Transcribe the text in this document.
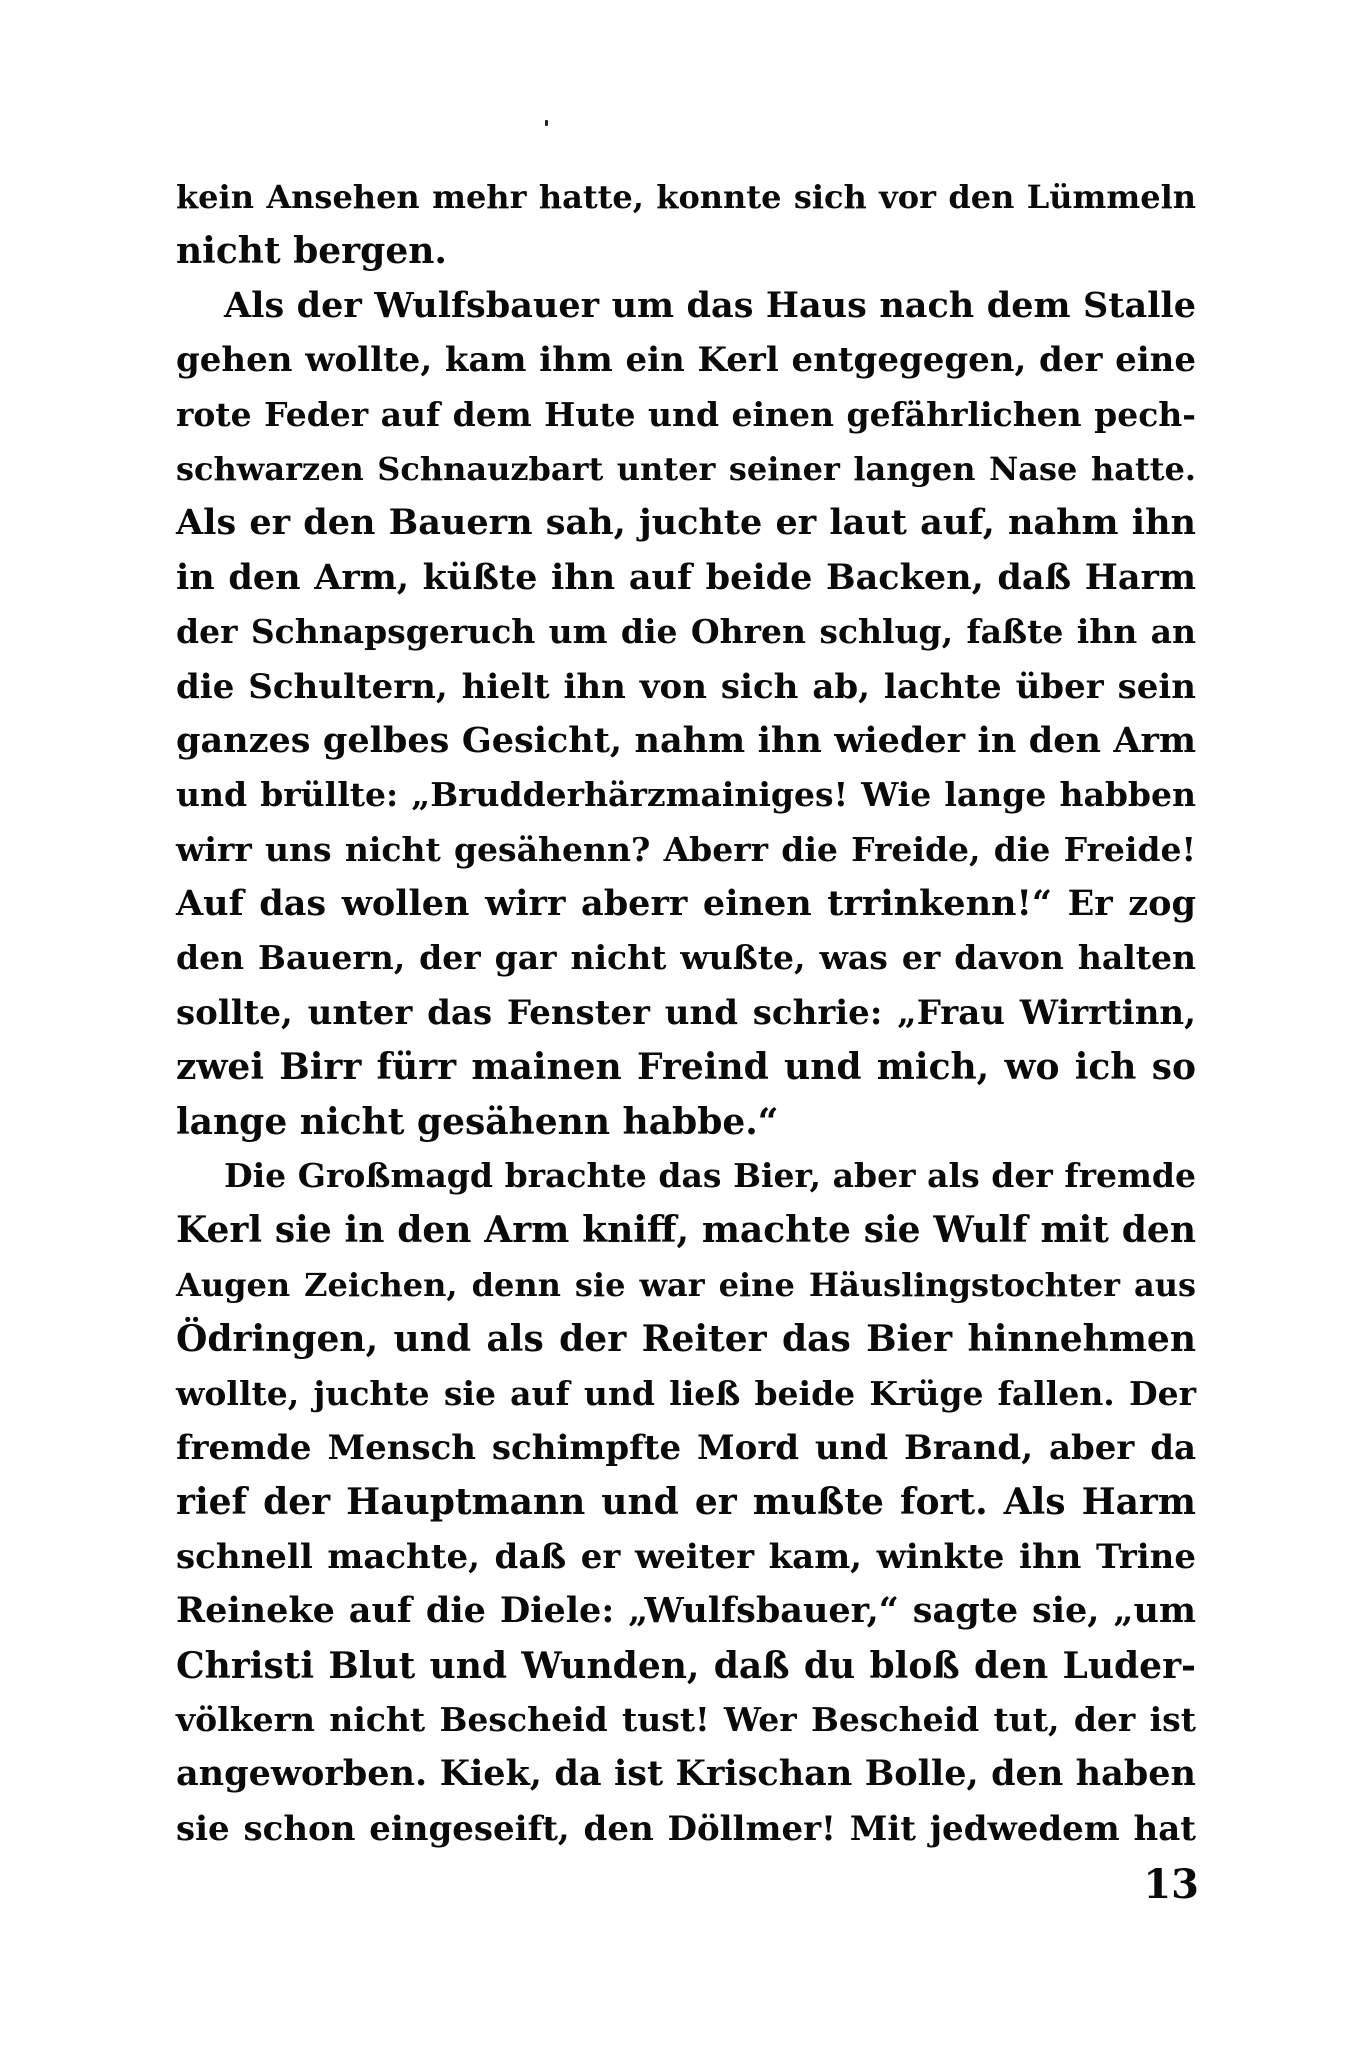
kein Ansehen mehr hatte, konnte sich vor den Lümmeln
nicht bergen.
Als der Wulfsbauer um das Haus nach dem Stalle
gehen wollte, kam ihm ein Kerl entgegegen, der eine
rote Feder auf dem Hute und einen gefährlichen pech-
schwarzen Schnauzbart unter seiner langen Nase hatte.
Als er den Bauern sah, juchte er laut auf, nahm ihn
in den Arm, küßte ihn auf beide Backen, daß Harm
der Schnapsgeruch um die Ohren schlug, faßte ihn an
die Schultern, hielt ihn von sich ab, lachte über sein
ganzes gelbes Gesicht, nahm ihn wieder in den Arm
und brüllte: „Brudderhärzmainiges! Wie lange habben
wirr uns nicht gesähenn? Aberr die Freide, die Freide!
Auf das wollen wirr aberr einen trrinkenn!“ Er zog
den Bauern, der gar nicht wußte, was er davon halten
sollte, unter das Fenster und schrie: „Frau Wirrtinn,
zwei Birr fürr mainen Freind und mich, wo ich so
lange nicht gesähenn habbe.“
Die Großmagd brachte das Bier, aber als der fremde
Kerl sie in den Arm kniff, machte sie Wulf mit den
Augen Zeichen, denn sie war eine Häuslingstochter aus
Ödringen, und als der Reiter das Bier hinnehmen
wollte, juchte sie auf und ließ beide Krüge fallen. Der
fremde Mensch schimpfte Mord und Brand, aber da
rief der Hauptmann und er mußte fort. Als Harm
schnell machte, daß er weiter kam, winkte ihn Trine
Reineke auf die Diele: „Wulfsbauer,“ sagte sie, „um
Christi Blut und Wunden, daß du bloß den Luder-
völkern nicht Bescheid tust! Wer Bescheid tut, der ist
angeworben. Kiek, da ist Krischan Bolle, den haben
sie schon eingeseift, den Döllmer! Mit jedwedem hat
13
